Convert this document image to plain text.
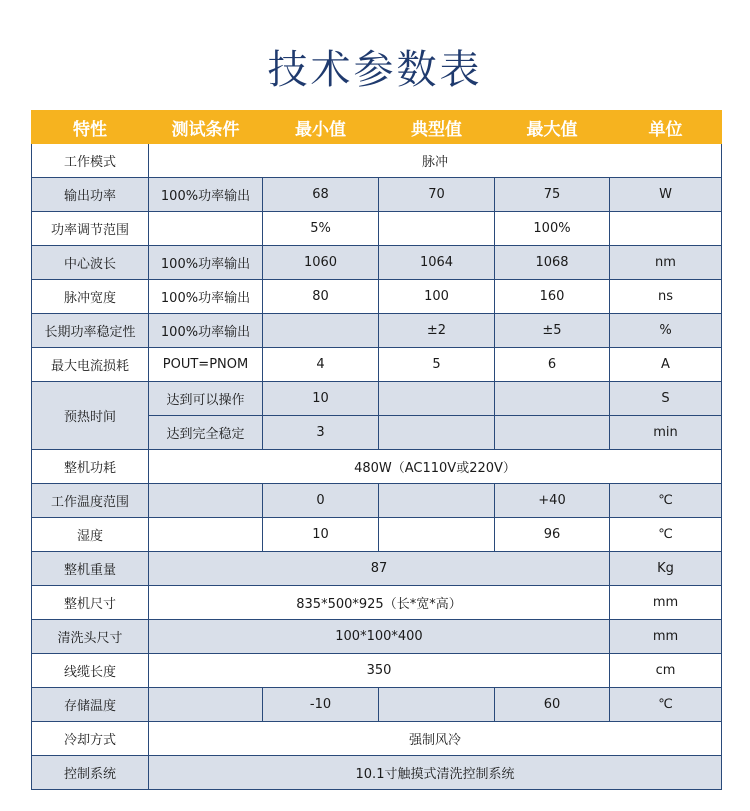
技术参数表
特性	测试条件	最小值	典型值	最大值	单位
工作模式	脉冲				
输出功率	100%功率输出	68	70	75	W
功率调节范围		5%		100%	
中心波长	100%功率输出	1060	1064	1068	nm
脉冲宽度	100%功率输出	80	100	160	ns
长期功率稳定性	100%功率输出		±2	±5	%
最大电流损耗	POUT=PNOM	4	5	6	A
预热时间	达到可以操作	10			S
	达到完全稳定	3			min
整机功耗	480W（AC110V或220V）				
工作温度范围		0		+40	℃
湿度		10		96	℃
整机重量	87				Kg
整机尺寸	835*500*925（长*宽*高）				mm
清洗头尺寸	100*100*400				mm
线缆长度	350				cm
存储温度		-10		60	℃
冷却方式	强制风冷				
控制系统	10.1寸触摸式清洗控制系统				
